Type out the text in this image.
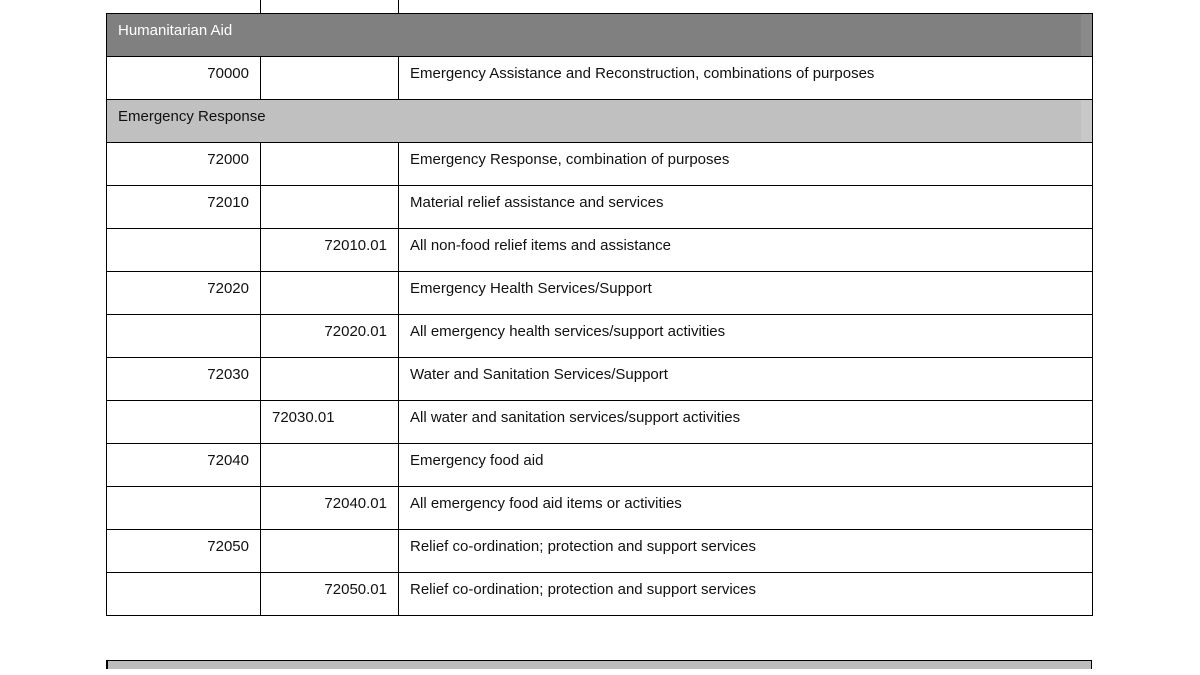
Humanitarian Aid		
70000		Emergency Assistance and Reconstruction, combinations of purposes
Emergency Response		
72000		Emergency Response, combination of purposes
72010		Material relief assistance and services
	72010.01	All non-food relief items and assistance
72020		Emergency Health Services/Support
	72020.01	All emergency health services/support activities
72030		Water and Sanitation Services/Support
	72030.01	All water and sanitation services/support activities
72040		Emergency food aid
	72040.01	All emergency food aid items or activities
72050		Relief co-ordination; protection and support services
	72050.01	Relief co-ordination; protection and support services
